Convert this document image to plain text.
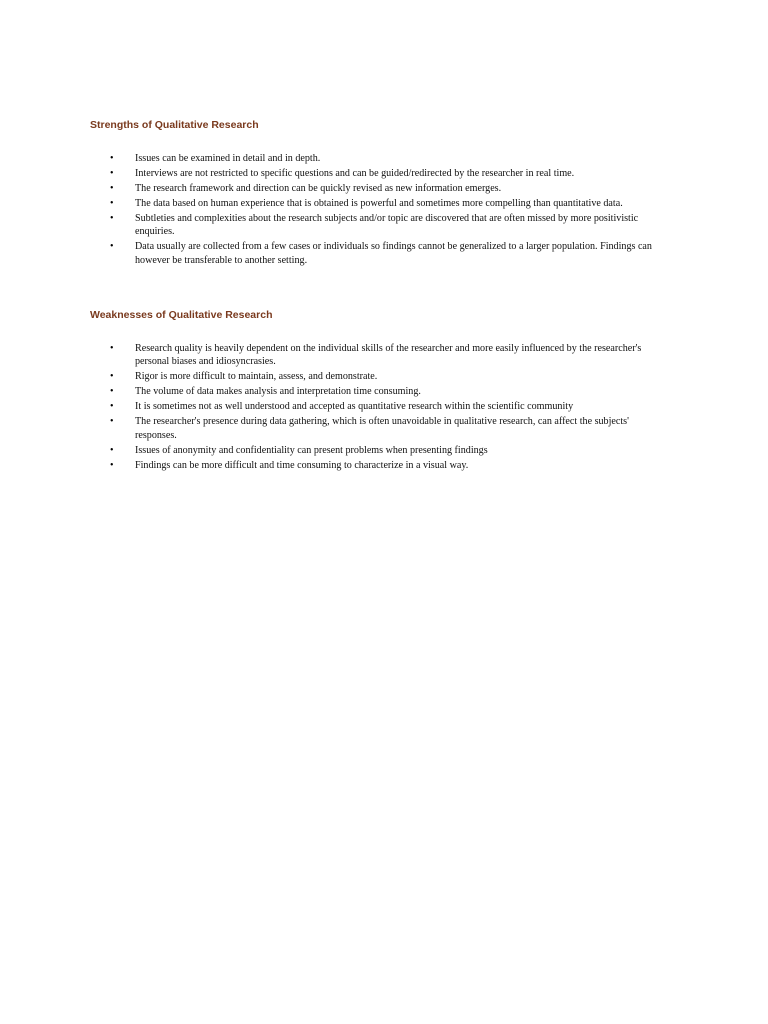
Strengths of Qualitative Research
• Issues can be examined in detail and in depth.
• Interviews are not restricted to specific questions and can be guided/redirected by the researcher in real time.
• The research framework and direction can be quickly revised as new information emerges.
• The data based on human experience that is obtained is powerful and sometimes more compelling than quantitative data.
• Subtleties and complexities about the research subjects and/or topic are discovered that are often missed by more positivistic enquiries.
• Data usually are collected from a few cases or individuals so findings cannot be generalized to a larger population. Findings can however be transferable to another setting.
Weaknesses of Qualitative Research
• Research quality is heavily dependent on the individual skills of the researcher and more easily influenced by the researcher's personal biases and idiosyncrasies.
• Rigor is more difficult to maintain, assess, and demonstrate.
• The volume of data makes analysis and interpretation time consuming.
• It is sometimes not as well understood and accepted as quantitative research within the scientific community
• The researcher's presence during data gathering, which is often unavoidable in qualitative research, can affect the subjects' responses.
• Issues of anonymity and confidentiality can present problems when presenting findings
• Findings can be more difficult and time consuming to characterize in a visual way.
